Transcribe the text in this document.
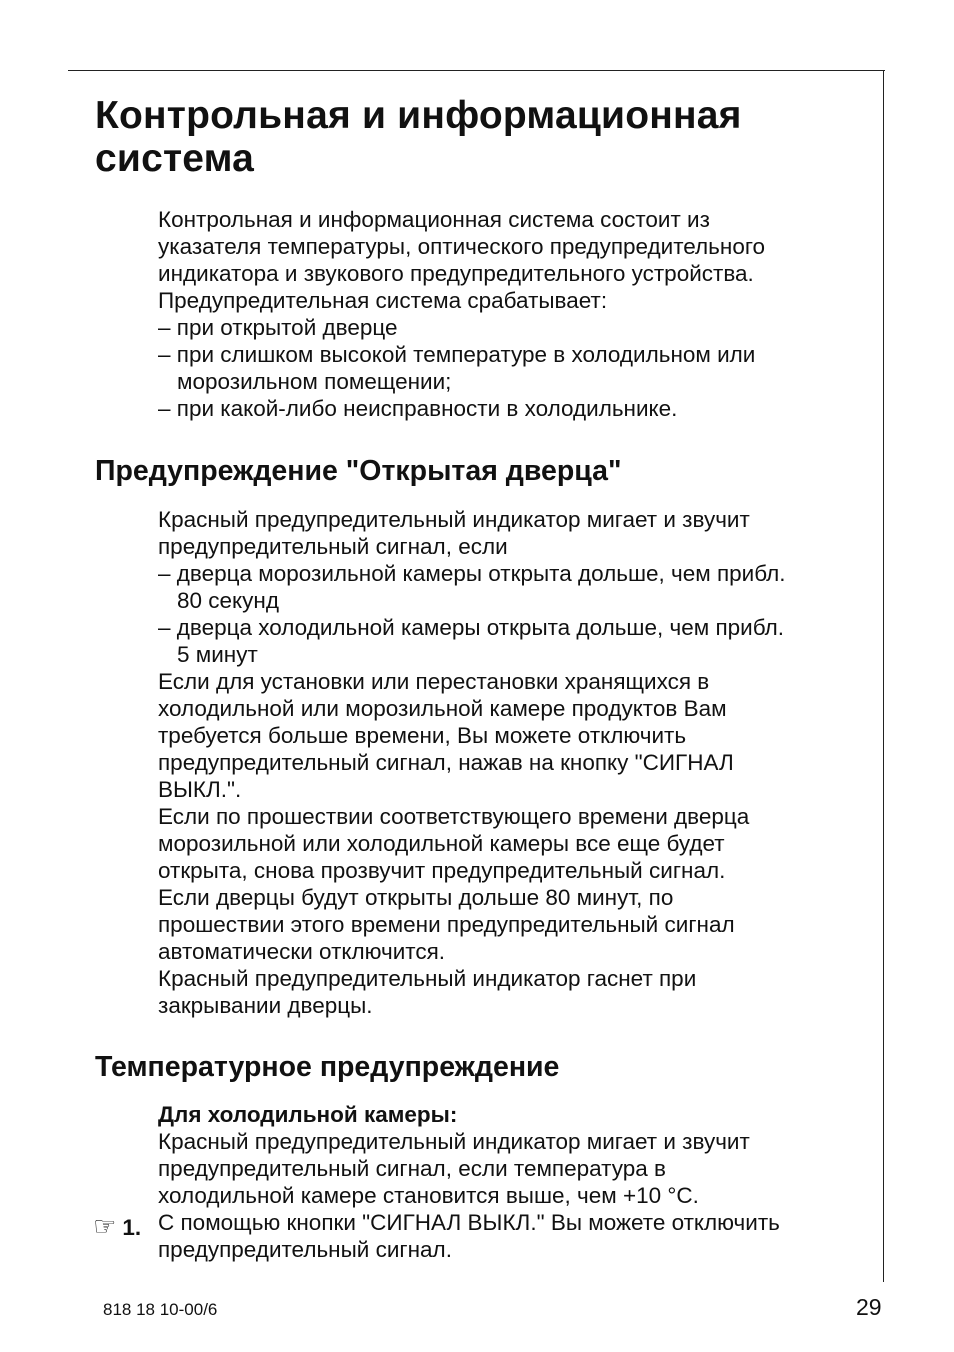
Контрольная и информационная
система
Контрольная и информационная система состоит из
указателя температуры, оптического предупредительного
индикатора и звукового предупредительного устройства.
Предупредительная система срабатывает:
– при открытой дверце
– при слишком высокой температуре в холодильном или
морозильном помещении;
– при какой-либо неисправности в холодильнике.
Предупреждение "Открытая дверца"
Красный предупредительный индикатор мигает и звучит
предупредительный сигнал, если
– дверца морозильной камеры открыта дольше, чем прибл.
80 секунд
– дверца холодильной камеры открыта дольше, чем прибл.
5 минут
Если для установки или перестановки хранящихся в
холодильной или морозильной камере продуктов Вам
требуется больше времени, Вы можете отключить
предупредительный сигнал, нажав на кнопку "СИГНАЛ
ВЫКЛ.".
Если по прошествии соответствующего времени дверца
морозильной или холодильной камеры все еще будет
открыта, снова прозвучит предупредительный сигнал.
Если дверцы будут открыты дольше 80 минут, по
прошествии этого времени предупредительный сигнал
автоматически отключится.
Красный предупредительный индикатор гаснет при
закрывании дверцы.
Температурное предупреждение
Для холодильной камеры:
Красный предупредительный индикатор мигает и звучит
предупредительный сигнал, если температура в
холодильной камере становится выше, чем +10 °C.
С помощью кнопки "СИГНАЛ ВЫКЛ." Вы можете отключить
предупредительный сигнал.
☞ 1.
818 18 10-00/6	29
